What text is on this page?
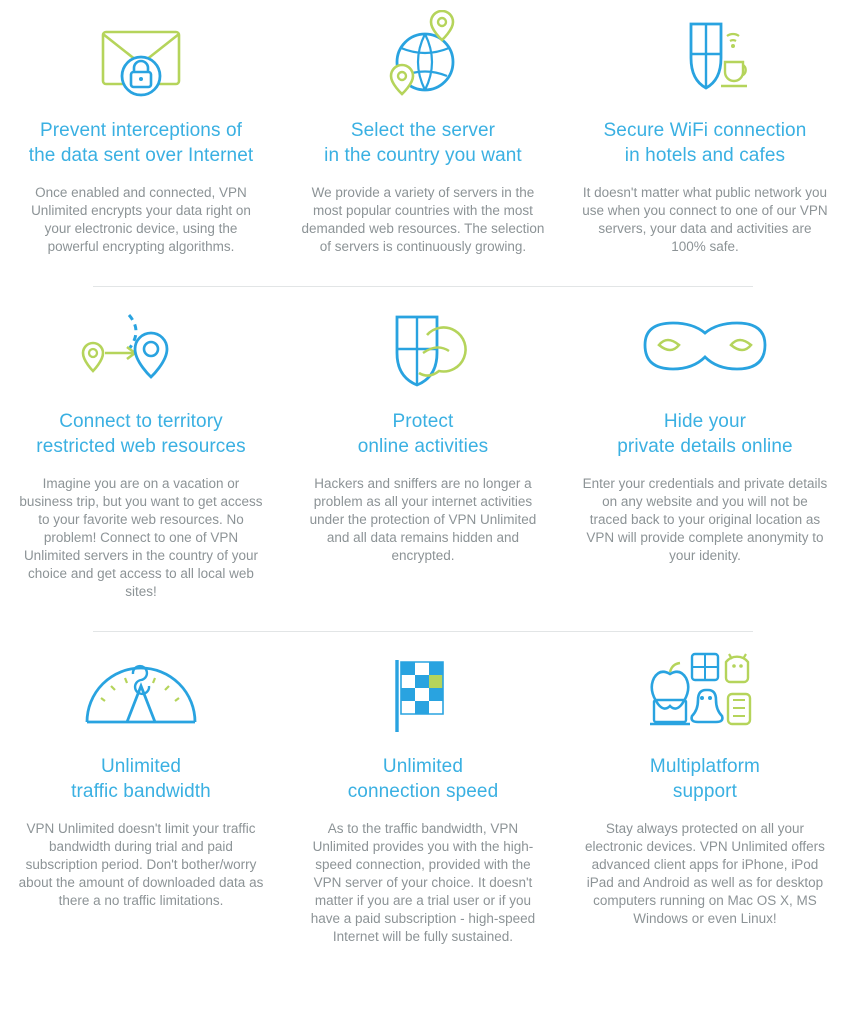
Prevent interceptions of
the data sent over Internet

Once enabled and connected, VPN Unlimited encrypts your data right on your electronic device, using the powerful encrypting algorithms.

Select the server
in the country you want

We provide a variety of servers in the most popular countries with the most demanded web resources. The selection of servers is continuously growing.

Secure WiFi connection
in hotels and cafes

It doesn't matter what public network you use when you connect to one of our VPN servers, your data and activities are 100% safe.

Connect to territory
restricted web resources

Imagine you are on a vacation or business trip, but you want to get access to your favorite web resources. No problem! Connect to one of VPN Unlimited servers in the country of your choice and get access to all local web sites!

Protect
online activities

Hackers and sniffers are no longer a problem as all your internet activities under the protection of VPN Unlimited and all data remains hidden and encrypted.

Hide your
private details online

Enter your credentials and private details on any website and you will not be traced back to your original location as VPN will provide complete anonymity to your idenity.

Unlimited
traffic bandwidth

VPN Unlimited doesn't limit your traffic bandwidth during trial and paid subscription period. Don't bother/worry about the amount of downloaded data as there a no traffic limitations.

Unlimited
connection speed

As to the traffic bandwidth, VPN Unlimited provides you with the high-speed connection, provided with the VPN server of your choice. It doesn't matter if you are a trial user or if you have a paid subscription - high-speed Internet will be fully sustained.

Multiplatform
support

Stay always protected on all your electronic devices. VPN Unlimited offers advanced client apps for iPhone, iPod iPad and Android as well as for desktop computers running on Mac OS X, MS Windows or even Linux!
